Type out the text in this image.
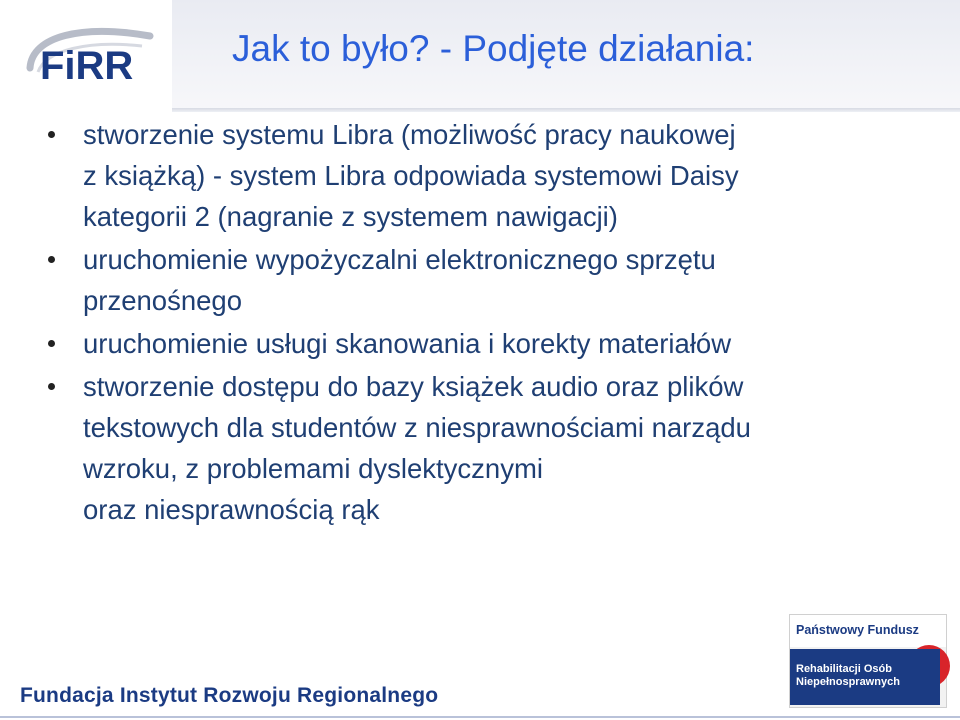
FiRR	Jak to było? - Podjęte działania:
stworzenie systemu Libra (możliwość pracy naukowej
z książką) - system Libra odpowiada systemowi Daisy
kategorii 2 (nagranie z systemem nawigacji)
uruchomienie wypożyczalni elektronicznego sprzętu
przenośnego
uruchomienie usługi skanowania i korekty materiałów
stworzenie dostępu do bazy książek audio oraz plików
tekstowych dla studentów z niesprawnościami narządu
wzroku, z problemami dyslektycznymi
oraz niesprawnością rąk
Państwowy Fundusz
Rehabilitacji Osób
Niepełnosprawnych
Fundacja Instytut Rozwoju Regionalnego
